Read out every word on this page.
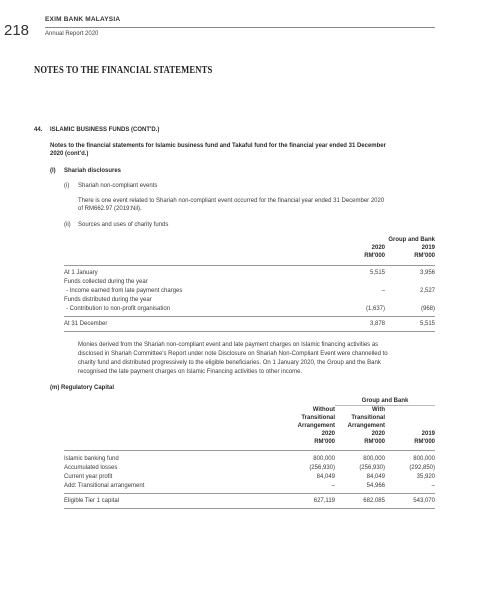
218
EXIM BANK MALAYSIA
Annual Report 2020
NOTES TO THE FINANCIAL STATEMENTS
44. ISLAMIC BUSINESS FUNDS (CONT'D.)
Notes to the financial statements for Islamic business fund and Takaful fund for the financial year ended 31 December
2020 (cont'd.)
(l) Shariah disclosures
(i) Shariah non-compliant events
There is one event related to Shariah non-compliant event occurred for the financial year ended 31 December 2020
of RM662.97 (2019:Nil).
(ii) Sources and uses of charity funds
Group and Bank
2020	2019
RM'000	RM'000
At 1 January	5,515	3,956
Funds collected during the year
- Income earned from late payment charges	–	2,527
Funds distributed during the year
- Contribution to non-profit organisation	(1,637)	(968)
At 31 December	3,878	5,515
Monies derived from the Shariah non-compliant event and late payment charges on Islamic financing activities as
disclosed in Shariah Committee's Report under note Disclosure on Shariah Non-Compliant Event were channelled to
charity fund and distributed progressively to the eligible beneficiaries. On 1 January 2020, the Group and the Bank
recognised the late payment charges on Islamic Financing activities to other income.
(m) Regulatory Capital
Group and Bank
Without
Transitional
Arrangement
2020
RM'000
With
Transitional
Arrangement
2020
RM'000
2019
RM'000
Islamic banking fund	800,000	800,000	800,000
Accumulated losses	(256,930)	(256,930)	(292,850)
Current year profit	84,049	84,049	35,920
Add: Transitional arrangement	–	54,966	–
Eligible Tier 1 capital	627,119	682,085	543,070
